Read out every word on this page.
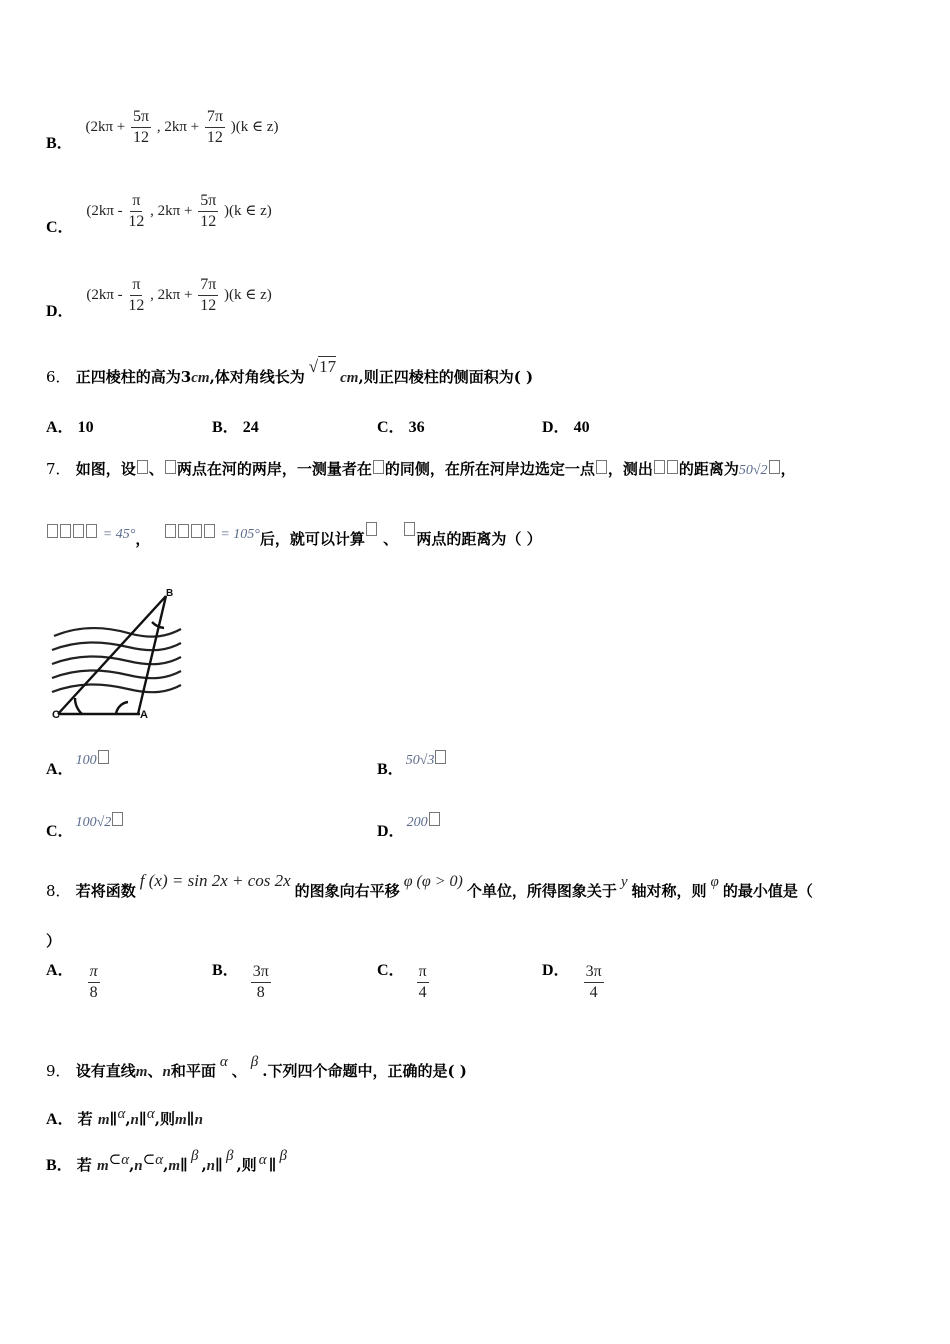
B． ($2k\pi + \frac{5\pi}{12}$ , $2k\pi + \frac{7\pi}{12} )(k$ ∈ z)
C． ($2k\pi - \frac{\pi}{12}$ , $2k\pi + \frac{5\pi}{12} )(k$ ∈ z)
D． ($2k\pi - \frac{\pi}{12}$ , $2k\pi + \frac{7\pi}{12} )(k$ ∈ z)
6． 正四棱柱的高为3cm,体对角线长为√17cm,则正四棱柱的侧面积为( )
A． 10	B． 24	C． 36	D． 40
7． 如图，设 、 两点在河的两岸，一测量者在 的同侧，在所在河岸边选定一点 ，测出 的距离为50√2 ，
= 45°，	= 105°后，就可以计算 、 两点的距离为（ ）
B
C	A
A．100
B．50√3
C．100√2
D．200
8． 若将函数f (x) = sin 2x + cos 2x的图象向右平移φ (φ > 0)个单位，所得图象关于 y 轴对称，则 φ 的最小值是（
）
A． $\frac{\pi}{8}$	B． $\frac{3\pi}{8}$	C． $\frac{\pi}{4}$	D． $\frac{3\pi}{4}$
9． 设有直线m、n和平面 α 、 β .下列四个命题中，正确的是( )
A． 若 m∥α,n∥α,则m∥n
B． 若 m⊂α,n⊂α,m∥ β ,n∥ β ,则 α ∥ β
